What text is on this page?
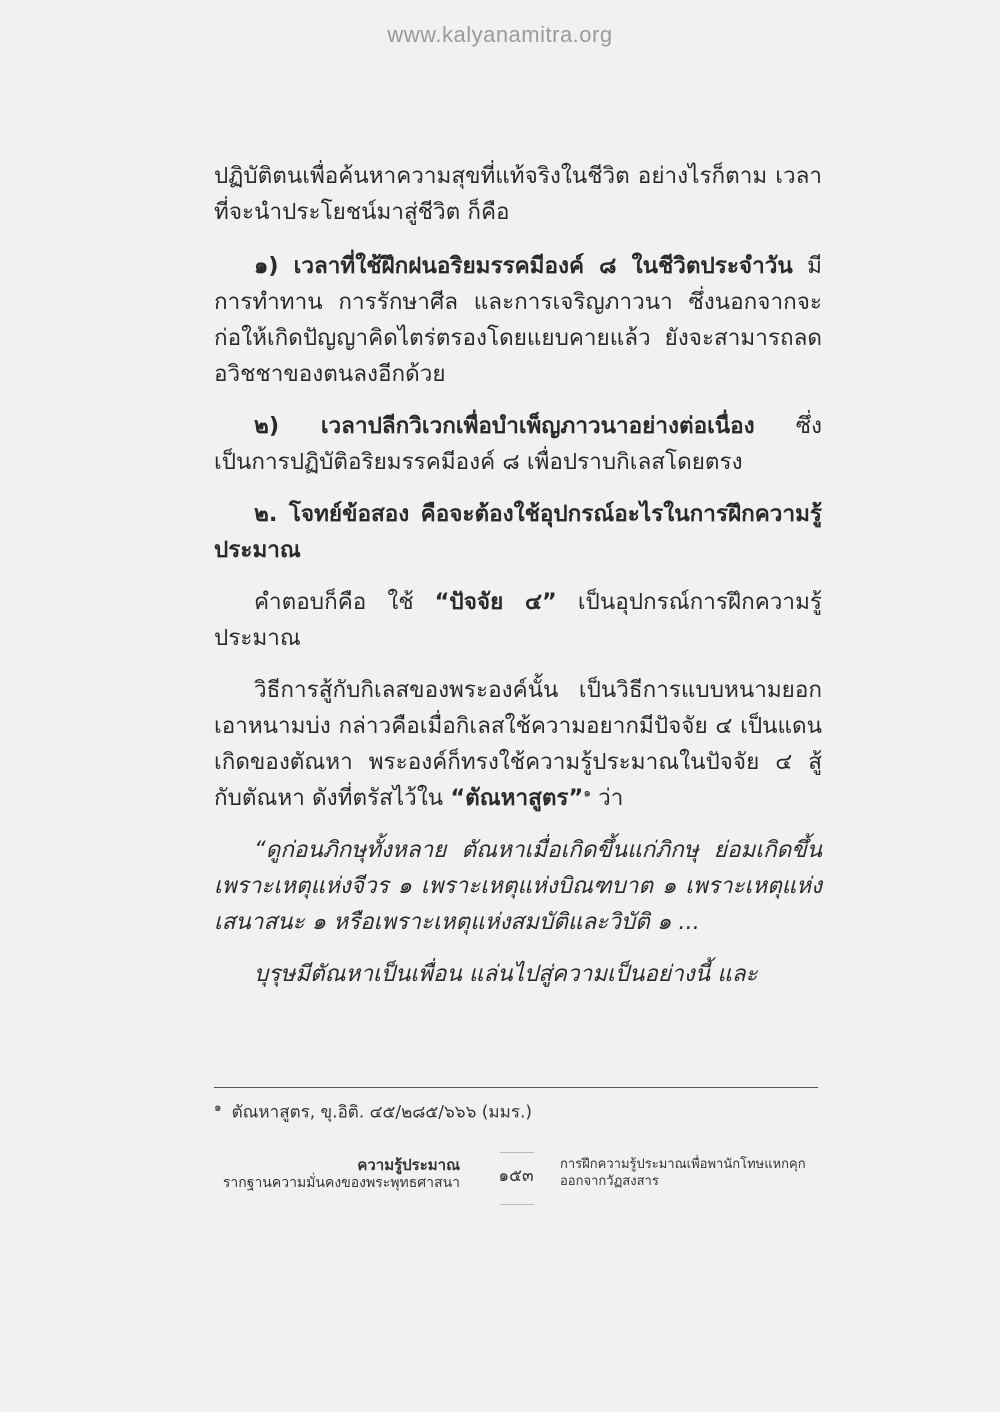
www.kalyanamitra.org

ปฏิบัติตนเพื่อค้นหาความสุขที่แท้จริงในชีวิต อย่างไรก็ตาม เวลาที่จะนำประโยชน์มาสู่ชีวิต ก็คือ

๑) เวลาที่ใช้ฝึกฝนอริยมรรคมีองค์ ๘ ในชีวิตประจำวัน มีการทำทาน การรักษาศีล และการเจริญภาวนา ซึ่งนอกจากจะก่อให้เกิดปัญญาคิดไตร่ตรองโดยแยบคายแล้ว ยังจะสามารถลดอวิชชาของตนลงอีกด้วย

๒) เวลาปลีกวิเวกเพื่อบำเพ็ญภาวนาอย่างต่อเนื่อง ซึ่งเป็นการปฏิบัติอริยมรรคมีองค์ ๘ เพื่อปราบกิเลสโดยตรง

๒. โจทย์ข้อสอง คือจะต้องใช้อุปกรณ์อะไรในการฝึกความรู้ประมาณ

คำตอบก็คือ ใช้ “ปัจจัย ๔” เป็นอุปกรณ์การฝึกความรู้ประมาณ

วิธีการสู้กับกิเลสของพระองค์นั้น เป็นวิธีการแบบหนามยอกเอาหนามบ่ง กล่าวคือเมื่อกิเลสใช้ความอยากมีปัจจัย ๔ เป็นแดนเกิดของตัณหา พระองค์ก็ทรงใช้ความรู้ประมาณในปัจจัย ๔ สู้กับตัณหา ดังที่ตรัสไว้ใน “ตัณหาสูตร”$^๑$ ว่า

“ดูก่อนภิกษุทั้งหลาย ตัณหาเมื่อเกิดขึ้นแก่ภิกษุ ย่อมเกิดขึ้นเพราะเหตุแห่งจีวร ๑ เพราะเหตุแห่งบิณฑบาต ๑ เพราะเหตุแห่งเสนาสนะ ๑ หรือเพราะเหตุแห่งสมบัติและวิบัติ ๑ ...

บุรุษมีตัณหาเป็นเพื่อน แล่นไปสู่ความเป็นอย่างนี้ และ

$^๑$ ตัณหาสูตร, ขุ.อิติ. ๔๕/๒๘๕/๖๖๖ (มมร.)
ความรู้ประมาณ
รากฐานความมั่นคงของพระพุทธศาสนา	๑๕๓
การฝึกความรู้ประมาณเพื่อพานักโทษแหกคุก
ออกจากวัฏสงสาร
